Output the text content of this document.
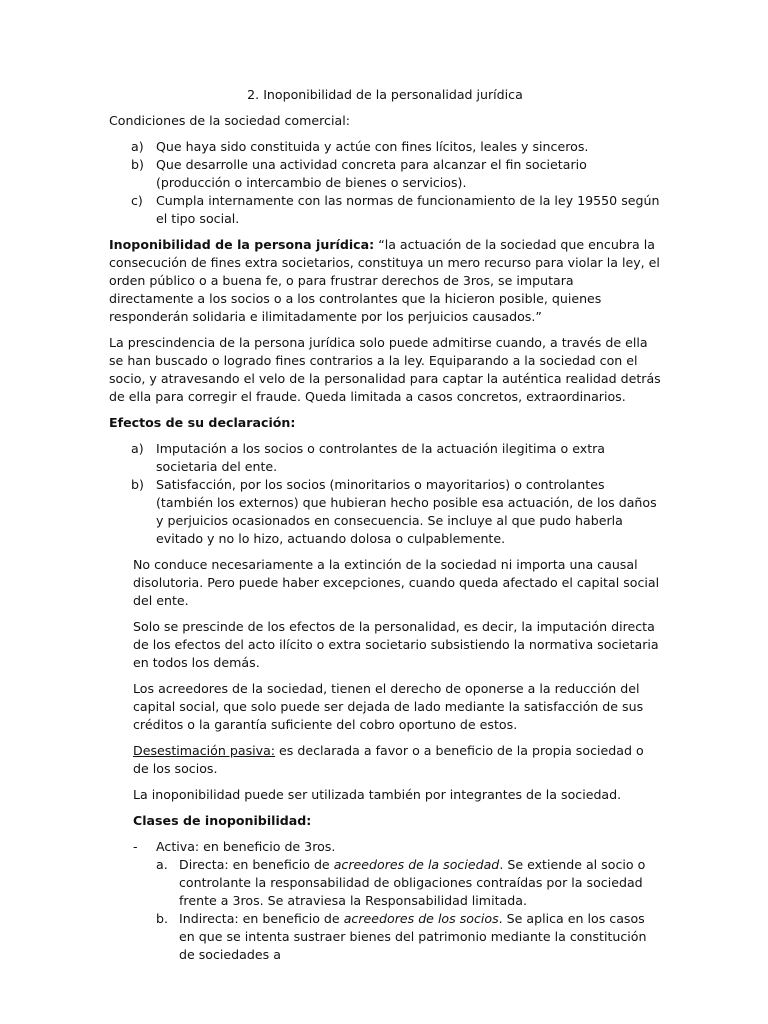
2. Inoponibilidad de la personalidad jurídica

Condiciones de la sociedad comercial:

a) Que haya sido constituida y actúe con fines lícitos, leales y sinceros.
b) Que desarrolle una actividad concreta para alcanzar el fin societario (producción o intercambio de bienes o servicios).
c) Cumpla internamente con las normas de funcionamiento de la ley 19550 según el tipo social.

Inoponibilidad de la persona jurídica: “la actuación de la sociedad que encubra la consecución de fines extra societarios, constituya un mero recurso para violar la ley, el orden público o a buena fe, o para frustrar derechos de 3ros, se imputara directamente a los socios o a los controlantes que la hicieron posible, quienes responderán solidaria e ilimitadamente por los perjuicios causados.”

La prescindencia de la persona jurídica solo puede admitirse cuando, a través de ella se han buscado o logrado fines contrarios a la ley. Equiparando a la sociedad con el socio, y atravesando el velo de la personalidad para captar la auténtica realidad detrás de ella para corregir el fraude. Queda limitada a casos concretos, extraordinarios.

Efectos de su declaración:

a) Imputación a los socios o controlantes de la actuación ilegitima o extra societaria del ente.
b) Satisfacción, por los socios (minoritarios o mayoritarios) o controlantes (también los externos) que hubieran hecho posible esa actuación, de los daños y perjuicios ocasionados en consecuencia. Se incluye al que pudo haberla evitado y no lo hizo, actuando dolosa o culpablemente.

No conduce necesariamente a la extinción de la sociedad ni importa una causal disolutoria. Pero puede haber excepciones, cuando queda afectado el capital social del ente.

Solo se prescinde de los efectos de la personalidad, es decir, la imputación directa de los efectos del acto ilícito o extra societario subsistiendo la normativa societaria en todos los demás.

Los acreedores de la sociedad, tienen el derecho de oponerse a la reducción del capital social, que solo puede ser dejada de lado mediante la satisfacción de sus créditos o la garantía suficiente del cobro oportuno de estos.

Desestimación pasiva: es declarada a favor o a beneficio de la propia sociedad o de los socios.

La inoponibilidad puede ser utilizada también por integrantes de la sociedad.

Clases de inoponibilidad:

- Activa: en beneficio de 3ros.
a. Directa: en beneficio de acreedores de la sociedad. Se extiende al socio o controlante la responsabilidad de obligaciones contraídas por la sociedad frente a 3ros. Se atraviesa la Responsabilidad limitada.
b. Indirecta: en beneficio de acreedores de los socios. Se aplica en los casos en que se intenta sustraer bienes del patrimonio mediante la constitución de sociedades a
